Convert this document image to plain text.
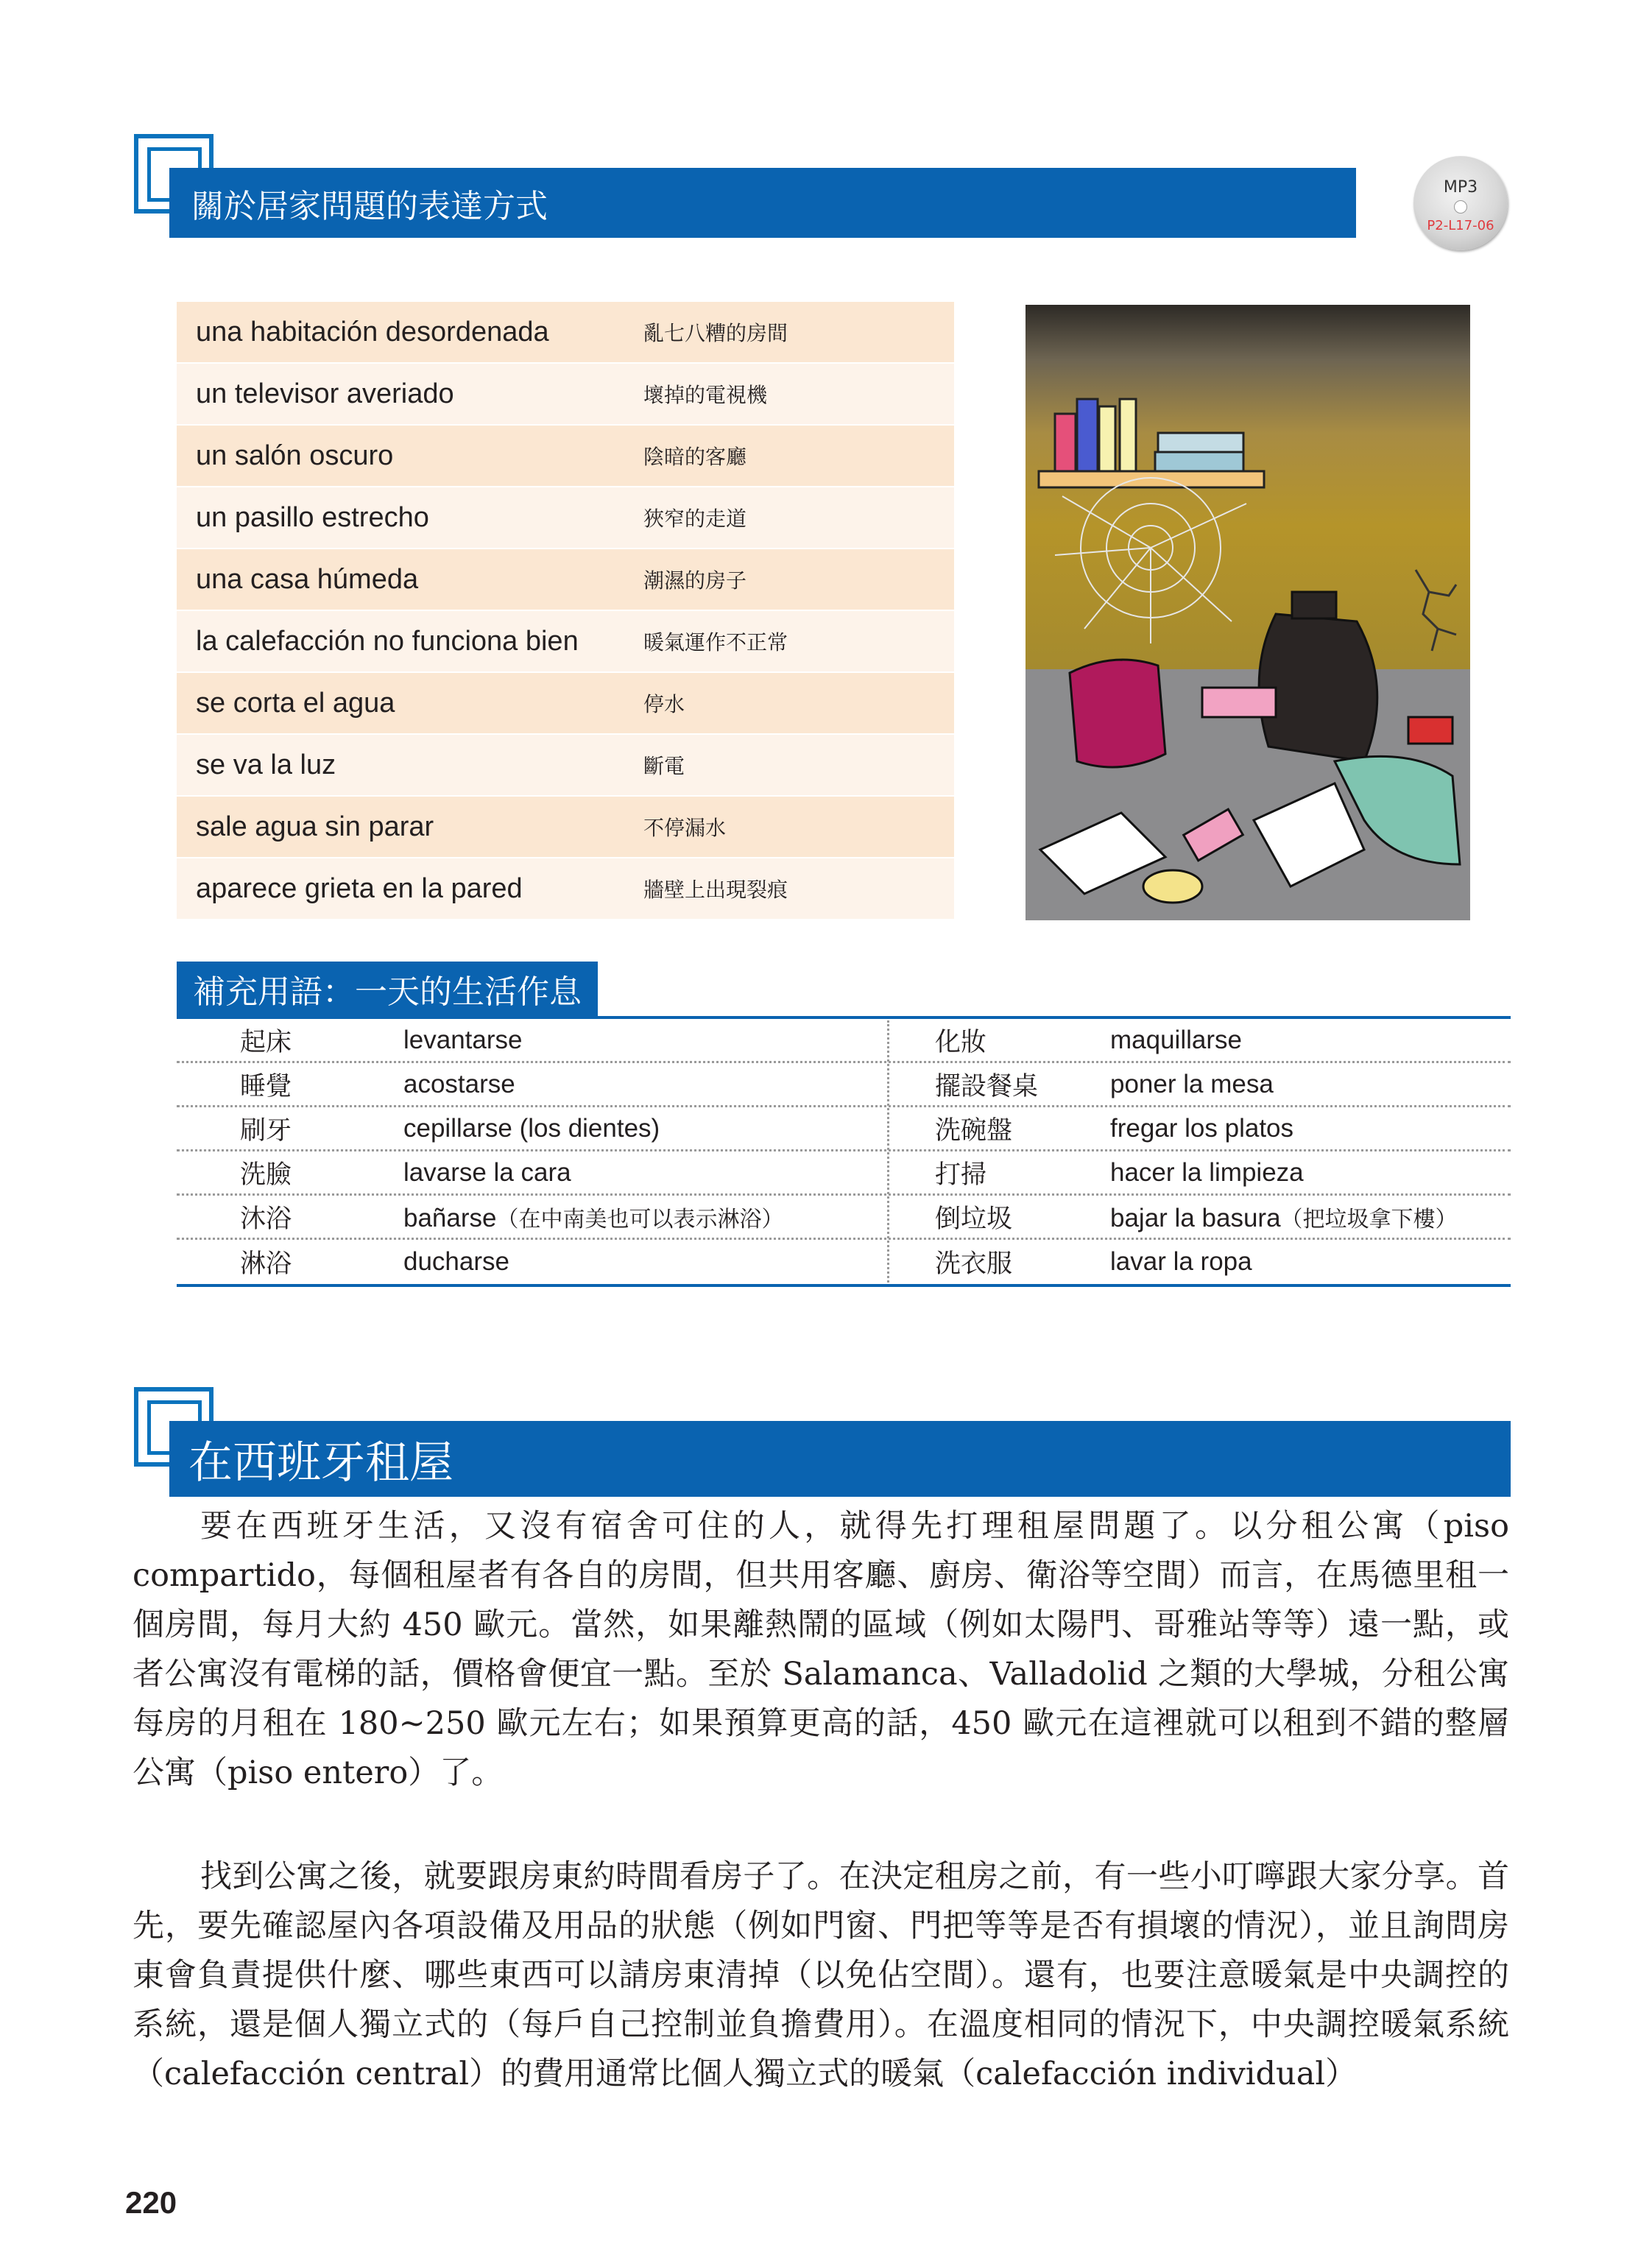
關於居家問題的表達方式	MP3
P2-L17-06
una habitación desordenada	亂七八糟的房間
un televisor averiado	壞掉的電視機
un salón oscuro	陰暗的客廳
un pasillo estrecho	狹窄的走道
una casa húmeda	潮濕的房子
la calefacción no funciona bien	暖氣運作不正常
se corta el agua	停水
se va la luz	斷電
sale agua sin parar	不停漏水
aparece grieta en la pared	牆壁上出現裂痕
補充用語：一天的生活作息
起床	levantarse	化妝	maquillarse
睡覺	acostarse	擺設餐桌	poner la mesa
刷牙	cepillarse (los dientes)	洗碗盤	fregar los platos
洗臉	lavarse la cara	打掃	hacer la limpieza
沐浴	bañarse（在中南美也可以表示淋浴）	倒垃圾	bajar la basura（把垃圾拿下樓）
淋浴	ducharse	洗衣服	lavar la ropa
在西班牙租屋

要在西班牙生活，又沒有宿舍可住的人，就得先打理租屋問題了。以分租公寓（piso compartido，每個租屋者有各自的房間，但共用客廳、廚房、衛浴等空間）而言，在馬德里租一個房間，每月大約 450 歐元。當然，如果離熱鬧的區域（例如太陽門、哥雅站等等）遠一點，或者公寓沒有電梯的話，價格會便宜一點。至於 Salamanca、Valladolid 之類的大學城，分租公寓每房的月租在 180~250 歐元左右；如果預算更高的話，450 歐元在這裡就可以租到不錯的整層公寓（piso entero）了。

找到公寓之後，就要跟房東約時間看房子了。在決定租房之前，有一些小叮嚀跟大家分享。首先，要先確認屋內各項設備及用品的狀態（例如門窗、門把等等是否有損壞的情況），並且詢問房東會負責提供什麼、哪些東西可以請房東清掉（以免佔空間）。還有，也要注意暖氣是中央調控的系統，還是個人獨立式的（每戶自己控制並負擔費用）。在溫度相同的情況下，中央調控暖氣系統（calefacción central）的費用通常比個人獨立式的暖氣（calefacción individual）

220
